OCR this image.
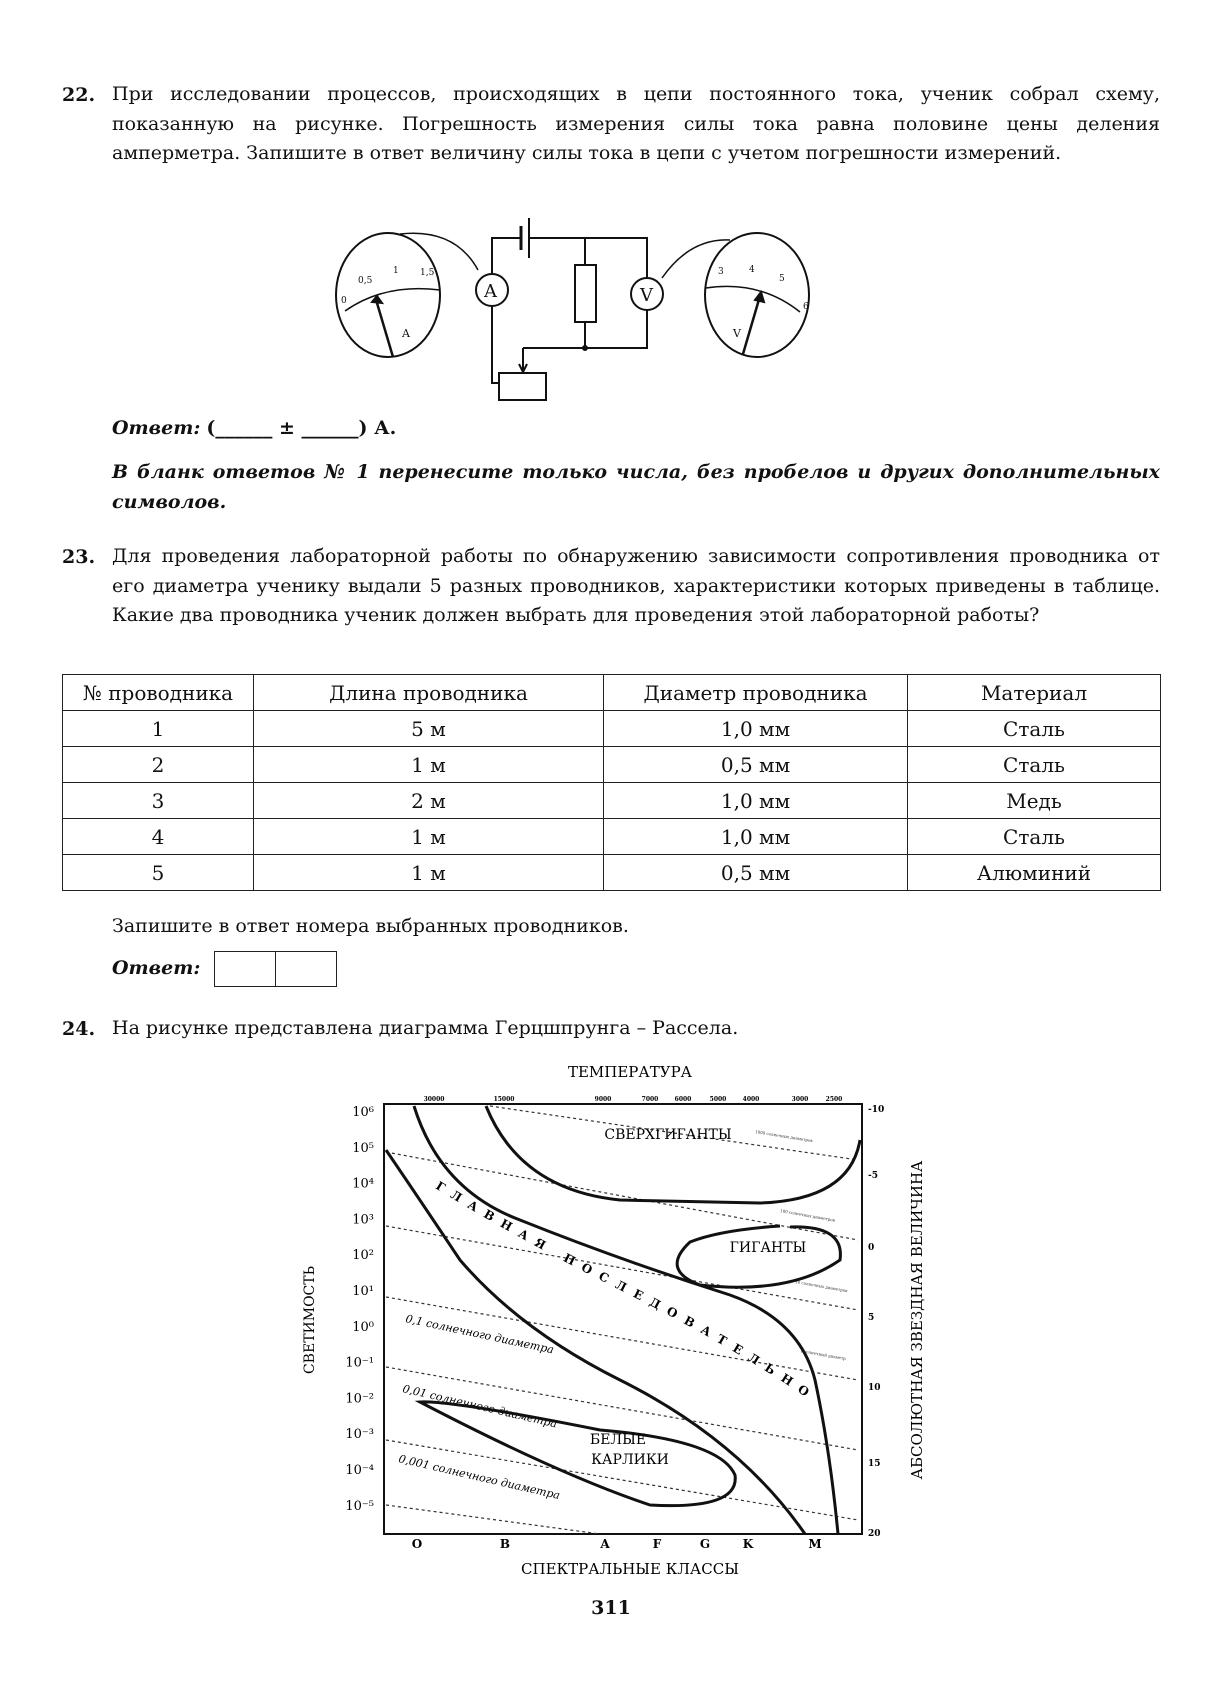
22. При исследовании процессов, происходящих в цепи постоянного тока, ученик собрал схему, показанную на рисунке. Погрешность измерения силы тока равна половине цены деления амперметра. Запишите в ответ величину силы тока в цепи с учетом погрешности измерений.
0
0,5
1 1,5
A
A	V
3	4
5
6
V
Ответ: (______ ± ______) А.
В бланк ответов № 1 перенесите только числа, без пробелов и других дополнительных символов.
23. Для проведения лабораторной работы по обнаружению зависимости сопротивления проводника от его диаметра ученику выдали 5 разных проводников, характеристики которых приведены в таблице. Какие два проводника ученик должен выбрать для проведения этой лабораторной работы?
№ проводника	Длина проводника	Диаметр проводника	Материал
1	5 м	1,0 мм	Сталь
2	1 м	0,5 мм	Сталь
3	2 м	1,0 мм	Медь
4	1 м	1,0 мм	Сталь
5	1 м	0,5 мм	Алюминий
Запишите в ответ номера выбранных проводников.
Ответ:
24. На рисунке представлена диаграмма Герцшпрунга – Рассела.
ТЕМПЕРАТУРА
30000	15000	9000	7000	6000	5000	4000	3000	2500
10⁶
10⁵
10⁴
10³
10²
10¹
10⁰
10⁻¹
10⁻²
10⁻³
10⁻⁴
10⁻⁵
-10
-5
0
5
10
15
20
СВЕТИМОСТЬ	АБСОЛЮТНАЯ ЗВЕЗДНАЯ ВЕЛИЧИНА
O	B	A	F	G	K	M
СПЕКТРАЛЬНЫЕ КЛАССЫ
1000 солнечных диаметров
100 солнечных диаметров
10 солнечных диаметров
1 солнечный диаметр
0,1 солнечного диаметра
0,01 солнечного диаметра
0,001 солнечного диаметра
СВЕРХГИГАНТЫ
ГИГАНТЫ
БЕЛЫЕ
КАРЛИКИ
ГЛАВНАЯ ПОСЛЕДОВАТЕЛЬНО
311
